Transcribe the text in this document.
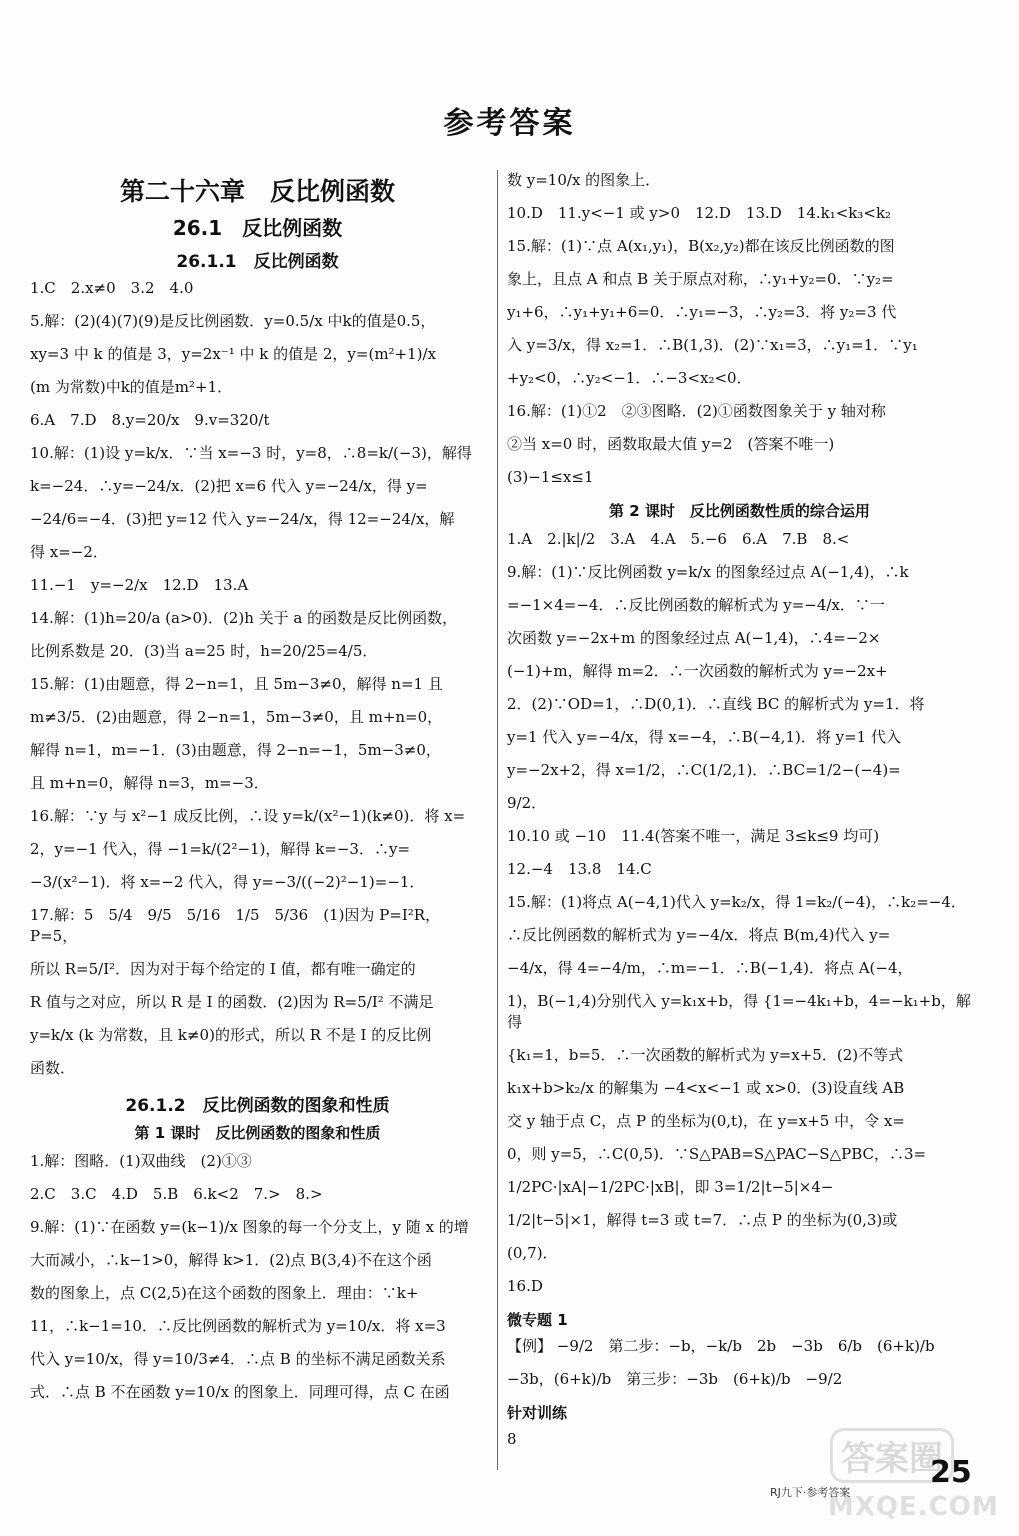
参考答案
第二十六章　反比例函数
26.1　反比例函数
26.1.1　反比例函数
1.C　2.x≠0　3.2　4.0
5.解：(2)(4)(7)(9)是反比例函数．y=0.5/x 中k的值是0.5，
xy=3 中 k 的值是 3，y=2x⁻¹ 中 k 的值是 2，y=(m²+1)/x
(m 为常数)中k的值是m²+1．
6.A　7.D　8.y=20/x　9.v=320/t
10.解：(1)设 y=k/x．∵当 x=−3 时，y=8，∴8=k/(−3)，解得
k=−24．∴y=−24/x．(2)把 x=6 代入 y=−24/x，得 y=
−24/6=−4．(3)把 y=12 代入 y=−24/x，得 12=−24/x，解
得 x=−2．
11.−1　y=−2/x　12.D　13.A
14.解：(1)h=20/a (a>0)．(2)h 关于 a 的函数是反比例函数，
比例系数是 20．(3)当 a=25 时，h=20/25=4/5．
15.解：(1)由题意，得 2−n=1，且 5m−3≠0，解得 n=1 且
m≠3/5．(2)由题意，得 2−n=1，5m−3≠0，且 m+n=0，
解得 n=1，m=−1．(3)由题意，得 2−n=−1，5m−3≠0，
且 m+n=0，解得 n=3，m=−3．
16.解：∵y 与 x²−1 成反比例，∴设 y=k/(x²−1)(k≠0)．将 x=
2，y=−1 代入，得 −1=k/(2²−1)，解得 k=−3．∴y=
−3/(x²−1)．将 x=−2 代入，得 y=−3/((−2)²−1)=−1．
17.解：5　5/4　9/5　5/16　1/5　5/36　(1)因为 P=I²R，P=5，
所以 R=5/I²．因为对于每个给定的 I 值，都有唯一确定的
R 值与之对应，所以 R 是 I 的函数．(2)因为 R=5/I² 不满足
y=k/x (k 为常数，且 k≠0)的形式，所以 R 不是 I 的反比例
函数．
26.1.2　反比例函数的图象和性质
第 1 课时　反比例函数的图象和性质
1.解：图略．(1)双曲线　(2)①③
2.C　3.C　4.D　5.B　6.k<2　7.>　8.>
9.解：(1)∵在函数 y=(k−1)/x 图象的每一个分支上，y 随 x 的增
大而减小，∴k−1>0，解得 k>1．(2)点 B(3,4)不在这个函
数的图象上，点 C(2,5)在这个函数的图象上．理由：∵k+
11，∴k−1=10．∴反比例函数的解析式为 y=10/x．将 x=3
代入 y=10/x，得 y=10/3≠4．∴点 B 的坐标不满足函数关系
式．∴点 B 不在函数 y=10/x 的图象上．同理可得，点 C 在函
数 y=10/x 的图象上．
10.D　11.y<−1 或 y>0　12.D　13.D　14.k₁<k₃<k₂
15.解：(1)∵点 A(x₁,y₁)，B(x₂,y₂)都在该反比例函数的图
象上，且点 A 和点 B 关于原点对称，∴y₁+y₂=0．∵y₂=
y₁+6，∴y₁+y₁+6=0．∴y₁=−3，∴y₂=3．将 y₂=3 代
入 y=3/x，得 x₂=1．∴B(1,3)．(2)∵x₁=3，∴y₁=1．∵y₁
+y₂<0，∴y₂<−1．∴−3<x₂<0．
16.解：(1)①2　②③图略．(2)①函数图象关于 y 轴对称
②当 x=0 时，函数取最大值 y=2　(答案不唯一)
(3)−1≤x≤1
第 2 课时　反比例函数性质的综合运用
1.A　2.|k|/2　3.A　4.A　5.−6　6.A　7.B　8.<
9.解：(1)∵反比例函数 y=k/x 的图象经过点 A(−1,4)，∴k
=−1×4=−4．∴反比例函数的解析式为 y=−4/x．∵一
次函数 y=−2x+m 的图象经过点 A(−1,4)，∴4=−2×
(−1)+m，解得 m=2．∴一次函数的解析式为 y=−2x+
2．(2)∵OD=1，∴D(0,1)．∴直线 BC 的解析式为 y=1．将
y=1 代入 y=−4/x，得 x=−4，∴B(−4,1)．将 y=1 代入
y=−2x+2，得 x=1/2，∴C(1/2,1)．∴BC=1/2−(−4)=
9/2．
10.10 或 −10　11.4(答案不唯一，满足 3≤k≤9 均可)
12.−4　13.8　14.C
15.解：(1)将点 A(−4,1)代入 y=k₂/x，得 1=k₂/(−4)，∴k₂=−4．
∴反比例函数的解析式为 y=−4/x．将点 B(m,4)代入 y=
−4/x，得 4=−4/m，∴m=−1．∴B(−1,4)．将点 A(−4，
1)，B(−1,4)分别代入 y=k₁x+b，得 {1=−4k₁+b，4=−k₁+b，解得
{k₁=1，b=5．∴一次函数的解析式为 y=x+5．(2)不等式
k₁x+b>k₂/x 的解集为 −4<x<−1 或 x>0．(3)设直线 AB
交 y 轴于点 C，点 P 的坐标为(0,t)，在 y=x+5 中，令 x=
0，则 y=5，∴C(0,5)．∵S△PAB=S△PAC−S△PBC，∴3=
1/2PC·|xA|−1/2PC·|xB|，即 3=1/2|t−5|×4−
1/2|t−5|×1，解得 t=3 或 t=7．∴点 P 的坐标为(0,3)或
(0,7)．
16.D
微专题 1
【例】 −9/2　第二步：−b，−k/b　2b　−3b　6/b　(6+k)/b
−3b，(6+k)/b　第三步：−3b　(6+k)/b　−9/2
针对训练
8	答案圈
MXQE.COM
RJ九下·参考答案
25
